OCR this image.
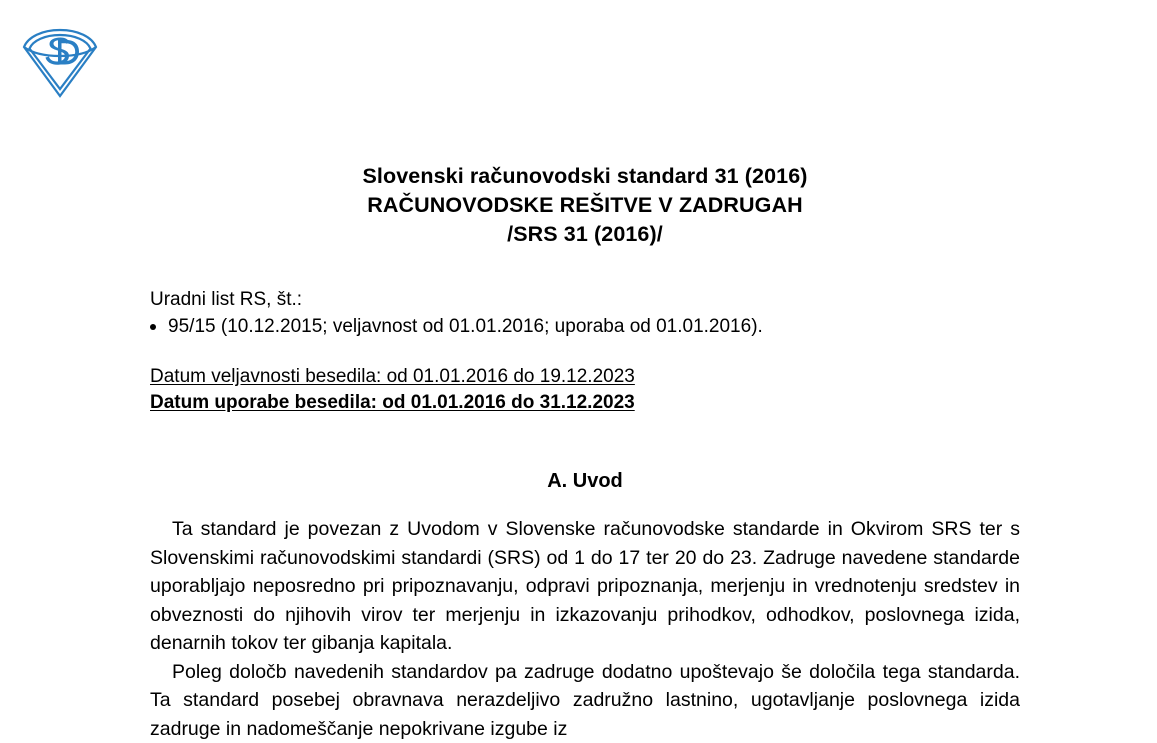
Slovenski računovodski standard 31 (2016)
RAČUNOVODSKE REŠITVE V ZADRUGAH
/SRS 31 (2016)/
Uradni list RS, št.:
95/15 (10.12.2015; veljavnost od 01.01.2016; uporaba od 01.01.2016).
Datum veljavnosti besedila: od 01.01.2016 do 19.12.2023
Datum uporabe besedila: od 01.01.2016 do 31.12.2023
A. Uvod
Ta standard je povezan z Uvodom v Slovenske računovodske standarde in Okvirom SRS ter s Slovenskimi računovodskimi standardi (SRS) od 1 do 17 ter 20 do 23. Zadruge navedene standarde uporabljajo neposredno pri pripoznavanju, odpravi pripoznanja, merjenju in vrednotenju sredstev in obveznosti do njihovih virov ter merjenju in izkazovanju prihodkov, odhodkov, poslovnega izida, denarnih tokov ter gibanja kapitala.
Poleg določb navedenih standardov pa zadruge dodatno upoštevajo še določila tega standarda. Ta standard posebej obravnava nerazdeljivo zadružno lastnino, ugotavljanje poslovnega izida zadruge in nadomeščanje nepokrivane izgube iz
